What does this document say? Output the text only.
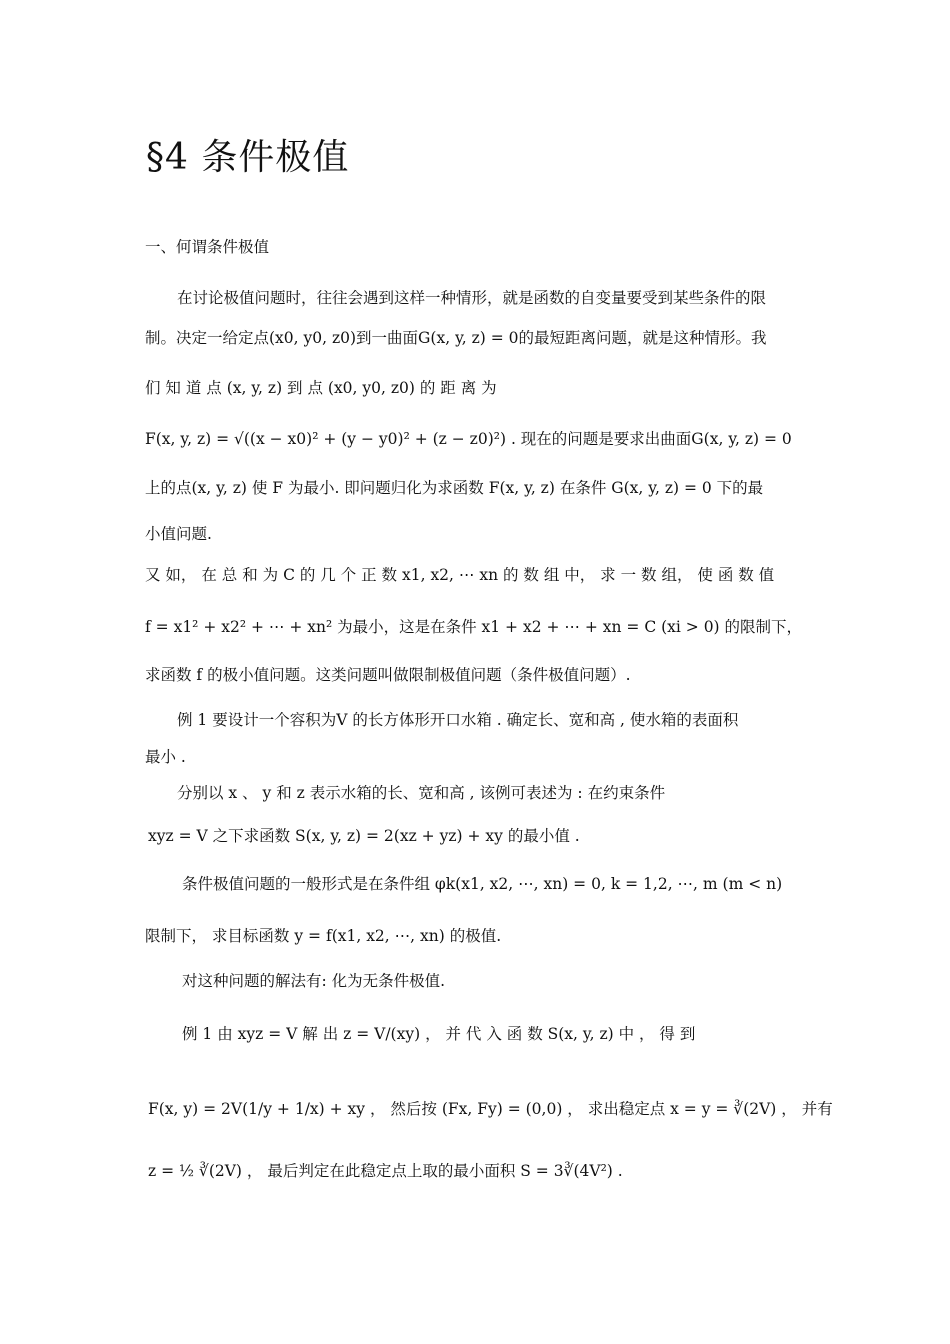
§4 条件极值
一、何谓条件极值
在讨论极值问题时，往往会遇到这样一种情形，就是函数的自变量要受到某些条件的限
制。决定一给定点(x0, y0, z0)到一曲面G(x, y, z) = 0的最短距离问题，就是这种情形。我
们 知 道 点 (x, y, z) 到 点 (x0, y0, z0) 的 距 离 为
F(x, y, z) = √((x − x0)² + (y − y0)² + (z − z0)²) . 现在的问题是要求出曲面G(x, y, z) = 0
上的点(x, y, z) 使 F 为最小. 即问题归化为求函数 F(x, y, z) 在条件 G(x, y, z) = 0 下的最
小值问题.
又 如， 在 总 和 为 C 的 几 个 正 数 x1, x2, ⋯ xn 的 数 组 中， 求 一 数 组， 使 函 数 值
f = x1² + x2² + ⋯ + xn² 为最小，这是在条件 x1 + x2 + ⋯ + xn = C (xi > 0) 的限制下，
求函数 f 的极小值问题。这类问题叫做限制极值问题（条件极值问题）.
例 1 要设计一个容积为V 的长方体形开口水箱 . 确定长、宽和高 , 使水箱的表面积
最小 .
分别以 x 、 y 和 z 表示水箱的长、宽和高 , 该例可表述为 : 在约束条件
xyz = V 之下求函数 S(x, y, z) = 2(xz + yz) + xy 的最小值 .
条件极值问题的一般形式是在条件组 φk(x1, x2, ⋯, xn) = 0, k = 1,2, ⋯, m (m < n)
限制下， 求目标函数 y = f(x1, x2, ⋯, xn) 的极值.
对这种问题的解法有: 化为无条件极值.
例 1 由 xyz = V 解 出 z = V/(xy) ， 并 代 入 函 数 S(x, y, z) 中 ， 得 到
F(x, y) = 2V(1/y + 1/x) + xy ， 然后按 (Fx, Fy) = (0,0) ， 求出稳定点 x = y = ∛(2V) ， 并有
z = ½ ∛(2V) ， 最后判定在此稳定点上取的最小面积 S = 3∛(4V²) .
